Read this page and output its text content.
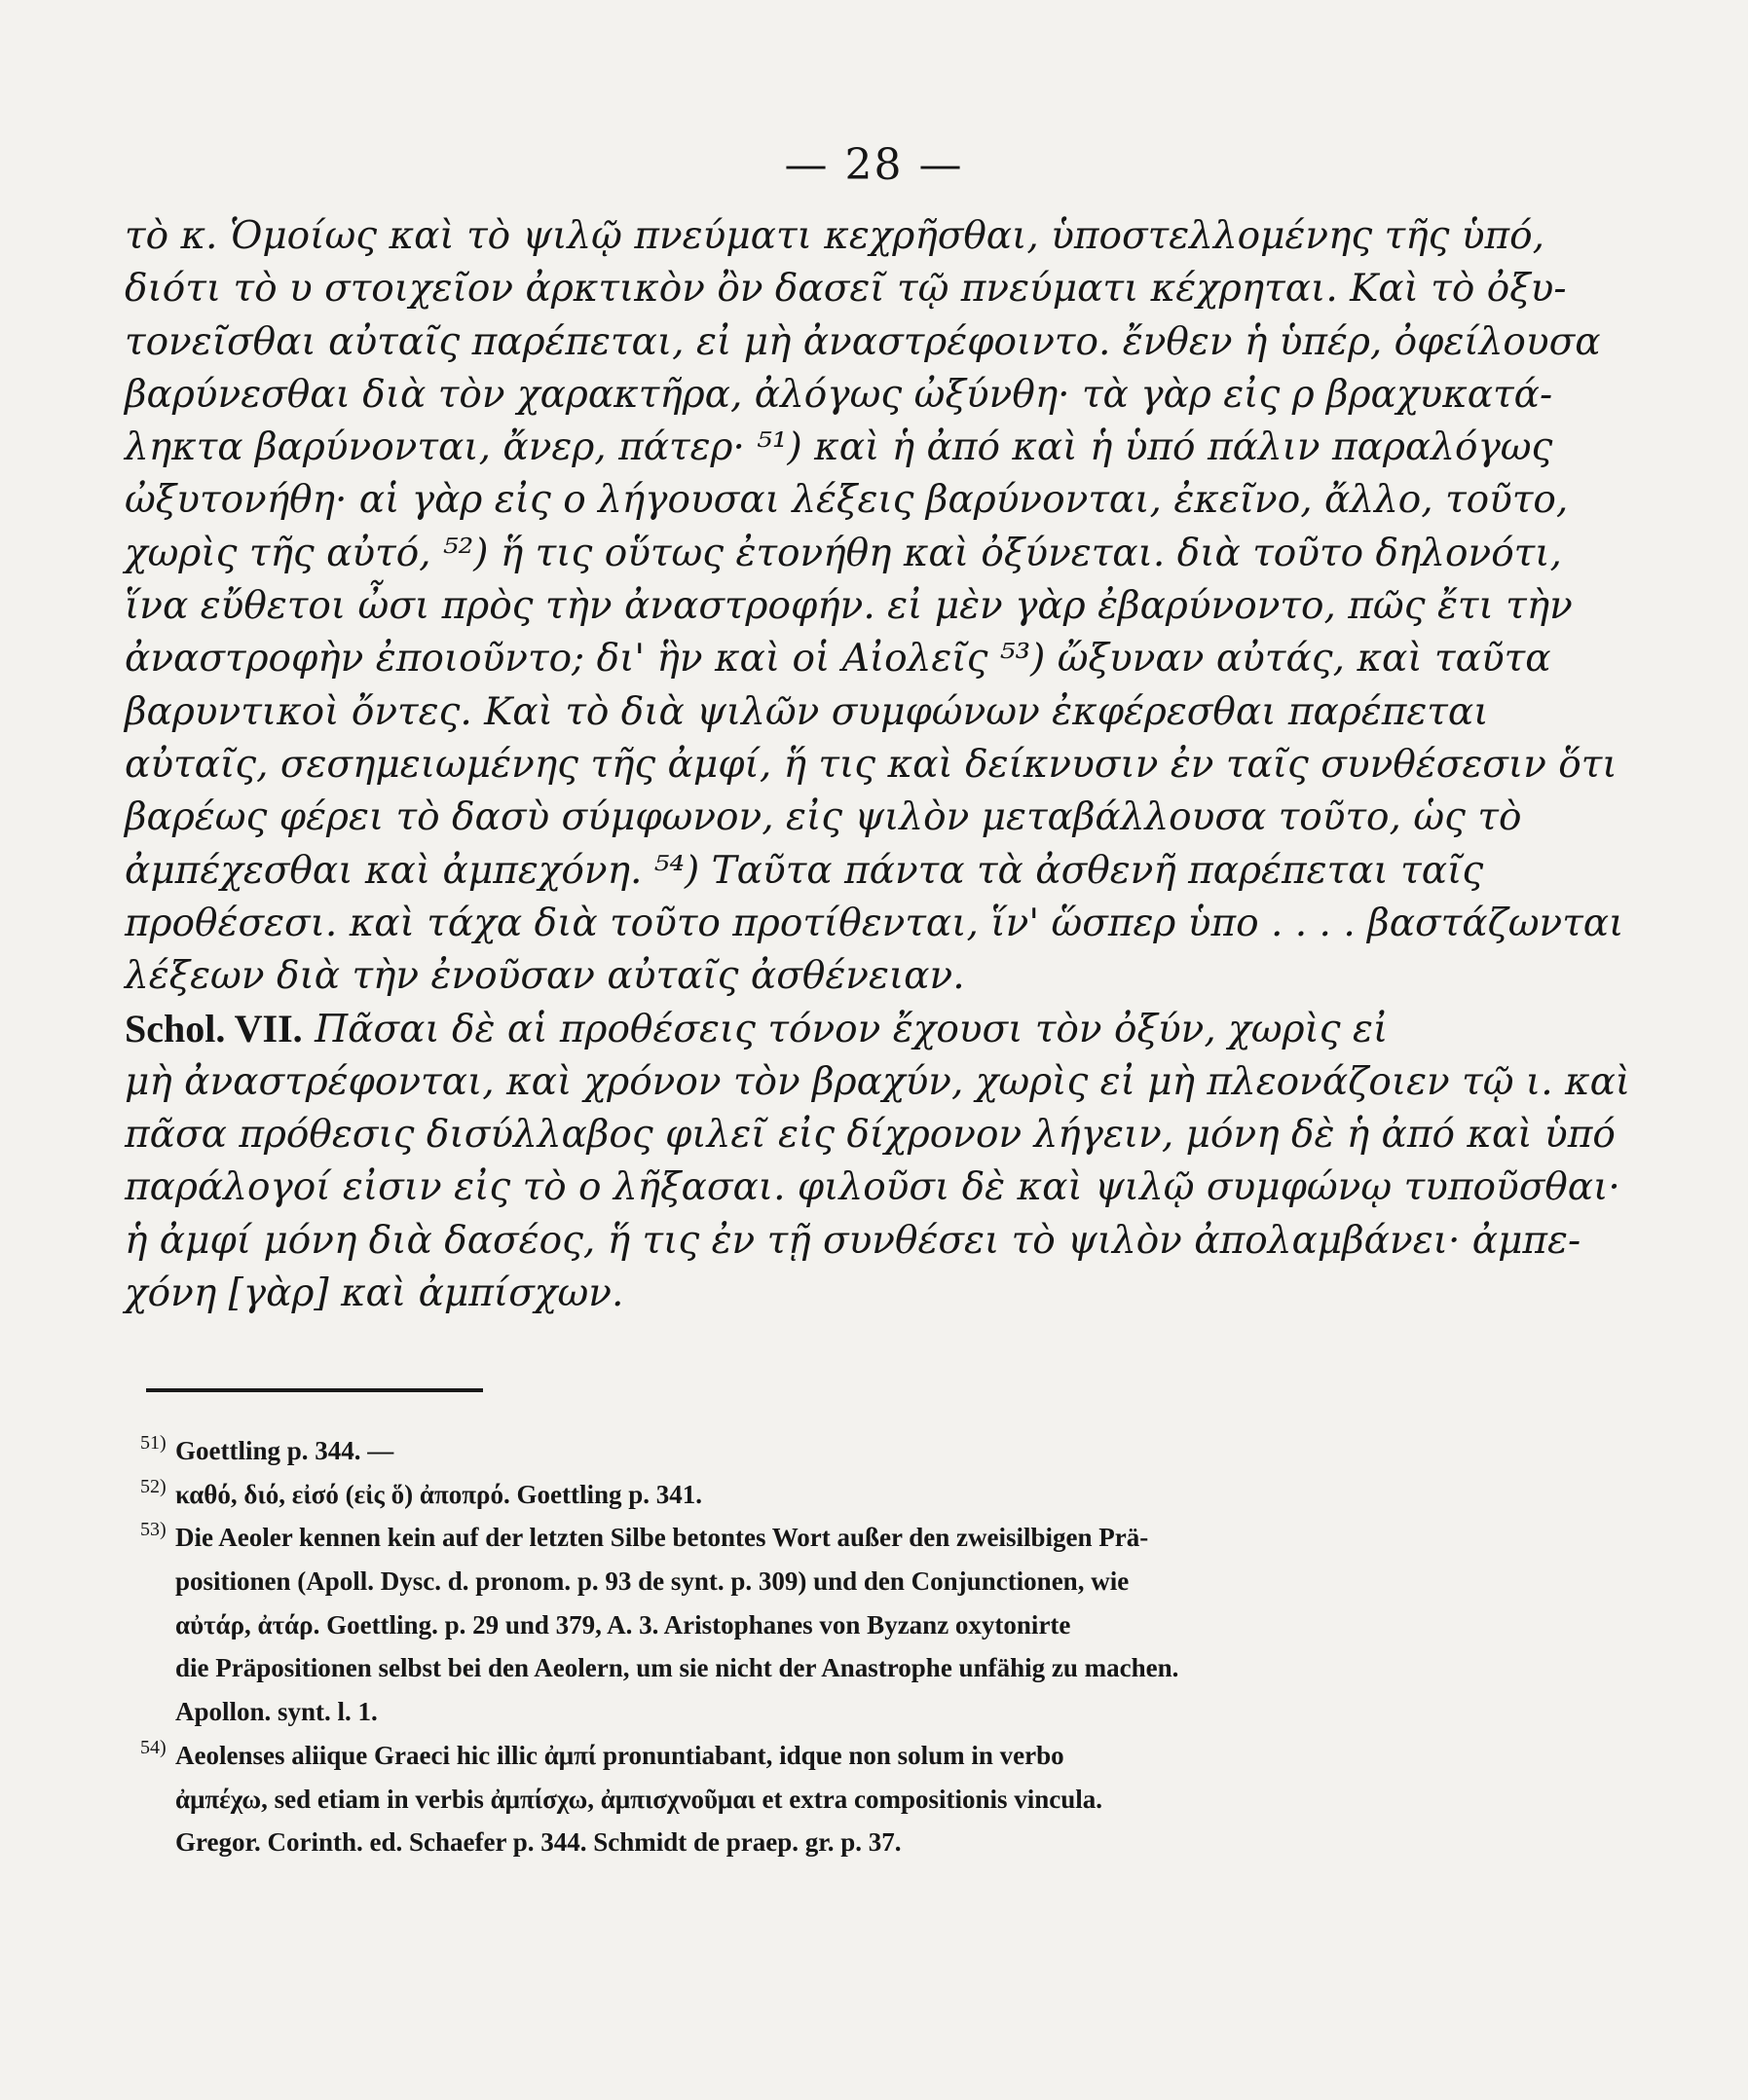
— 28 —
τὸ κ. Ὁμοίως καὶ τὸ ψιλῷ πνεύματι κεχρῆσθαι, ὑποστελλομένης τῆς ὑπό,
διότι τὸ υ στοιχεῖον ἀρκτικὸν ὂν δασεῖ τῷ πνεύματι κέχρηται. Καὶ τὸ ὀξυ-
τονεῖσθαι αὐταῖς παρέπεται, εἰ μὴ ἀναστρέφοιντο. ἔνθεν ἡ ὑπέρ, ὀφείλουσα
βαρύνεσθαι διὰ τὸν χαρακτῆρα, ἀλόγως ὠξύνθη· τὰ γὰρ εἰς ρ βραχυκατά-
ληκτα βαρύνονται, ἄνερ, πάτερ· ⁵¹) καὶ ἡ ἀπό καὶ ἡ ὑπό πάλιν παραλόγως
ὠξυτονήθη· αἱ γὰρ εἰς ο λήγουσαι λέξεις βαρύνονται, ἐκεῖνο, ἄλλο, τοῦτο,
χωρὶς τῆς αὐτό, ⁵²) ἥ τις οὕτως ἐτονήθη καὶ ὀξύνεται. διὰ τοῦτο δηλονότι,
ἵνα εὔθετοι ὦσι πρὸς τὴν ἀναστροφήν. εἰ μὲν γὰρ ἐβαρύνοντο, πῶς ἔτι τὴν
ἀναστροφὴν ἐποιοῦντο; δι' ἣν καὶ οἱ Αἰολεῖς ⁵³) ὤξυναν αὐτάς, καὶ ταῦτα
βαρυντικοὶ ὄντες. Καὶ τὸ διὰ ψιλῶν συμφώνων ἐκφέρεσθαι παρέπεται
αὐταῖς, σεσημειωμένης τῆς ἀμφί, ἥ τις καὶ δείκνυσιν ἐν ταῖς συνθέσεσιν ὅτι
βαρέως φέρει τὸ δασὺ σύμφωνον, εἰς ψιλὸν μεταβάλλουσα τοῦτο, ὡς τὸ
ἀμπέχεσθαι καὶ ἀμπεχόνη. ⁵⁴) Ταῦτα πάντα τὰ ἀσθενῆ παρέπεται ταῖς
προθέσεσι. καὶ τάχα διὰ τοῦτο προτίθενται, ἵν' ὥσπερ ὑπο . . . . βαστάζωνται
λέξεων διὰ τὴν ἐνοῦσαν αὐταῖς ἀσθένειαν.
Schol. VII. Πᾶσαι δὲ αἱ προθέσεις τόνον ἔχουσι τὸν ὀξύν, χωρὶς εἰ
μὴ ἀναστρέφονται, καὶ χρόνον τὸν βραχύν, χωρὶς εἰ μὴ πλεονάζοιεν τῷ ι. καὶ
πᾶσα πρόθεσις δισύλλαβος φιλεῖ εἰς δίχρονον λήγειν, μόνη δὲ ἡ ἀπό καὶ ὑπό
παράλογοί εἰσιν εἰς τὸ ο λῆξασαι. φιλοῦσι δὲ καὶ ψιλῷ συμφώνῳ τυποῦσθαι·
ἡ ἀμφί μόνη διὰ δασέος, ἥ τις ἐν τῇ συνθέσει τὸ ψιλὸν ἀπολαμβάνει· ἀμπε-
χόνη [γὰρ] καὶ ἀμπίσχων.
51) Goettling p. 344. —
52) καθό, διό, εἰσό (εἰς ὅ) ἀποπρό. Goettling p. 341.
53) Die Aeoler kennen kein auf der letzten Silbe betontes Wort außer den zweisilbigen Prä-
positionen (Apoll. Dysc. d. pronom. p. 93 de synt. p. 309) und den Conjunctionen, wie
αὐτάρ, ἀτάρ. Goettling. p. 29 und 379, A. 3. Aristophanes von Byzanz oxytonirte
die Präpositionen selbst bei den Aeolern, um sie nicht der Anastrophe unfähig zu machen.
Apollon. synt. l. 1.
54) Aeolenses aliique Graeci hic illic ἀμπί pronuntiabant, idque non solum in verbo
ἀμπέχω, sed etiam in verbis ἀμπίσχω, ἀμπισχνοῦμαι et extra compositionis vincula.
Gregor. Corinth. ed. Schaefer p. 344. Schmidt de praep. gr. p. 37.
